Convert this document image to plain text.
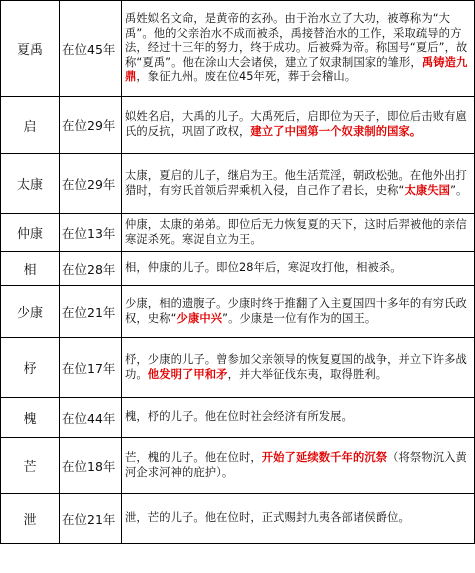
夏禹	在位45年	禹姓姒名文命，是黄帝的玄孙。由于治水立了大功，被尊称为“大禹”。他的父亲治水不成而被杀，禹接替治水的工作，采取疏导的方法，经过十三年的努力，终于成功。后被舜为帝。称国号“夏后”，故称“夏禹”。他在涂山大会诸侯，建立了奴隶制国家的雏形，禹铸造九鼎，象征九州。废在位45年死，葬于会稽山。
启	在位29年	姒姓名启，大禹的儿子。大禹死后，启即位为天子，即位后击败有扈氏的反抗，巩固了政权，建立了中国第一个奴隶制的国家。
太康	在位29年	太康，夏启的儿子，继启为王。他生活荒淫，朝政松弛。在他外出打猎时，有穷氏首领后羿乘机入侵，自己作了君长，史称“太康失国”。
仲康	在位13年	仲康，太康的弟弟。即位后无力恢复夏的天下，这时后羿被他的亲信寒浞杀死。寒浞自立为王。
相	在位28年	相，仲康的儿子。即位28年后，寒浞攻打他，相被杀。
少康	在位21年	少康，相的遗腹子。少康时终于推翻了入主夏国四十多年的有穷氏政权，史称“少康中兴”。少康是一位有作为的国王。
杼	在位17年	杼，少康的儿子。曾参加父亲领导的恢复夏国的战争，并立下许多战功。他发明了甲和矛，并大举征伐东夷，取得胜利。
槐	在位44年	槐，杼的儿子。他在位时社会经济有所发展。
芒	在位18年	芒，槐的儿子。他在位时，开始了延续数千年的沉祭（将祭物沉入黄河企求河神的庇护）。
泄	在位21年	泄，芒的儿子。他在位时，正式赐封九夷各部诸侯爵位。
